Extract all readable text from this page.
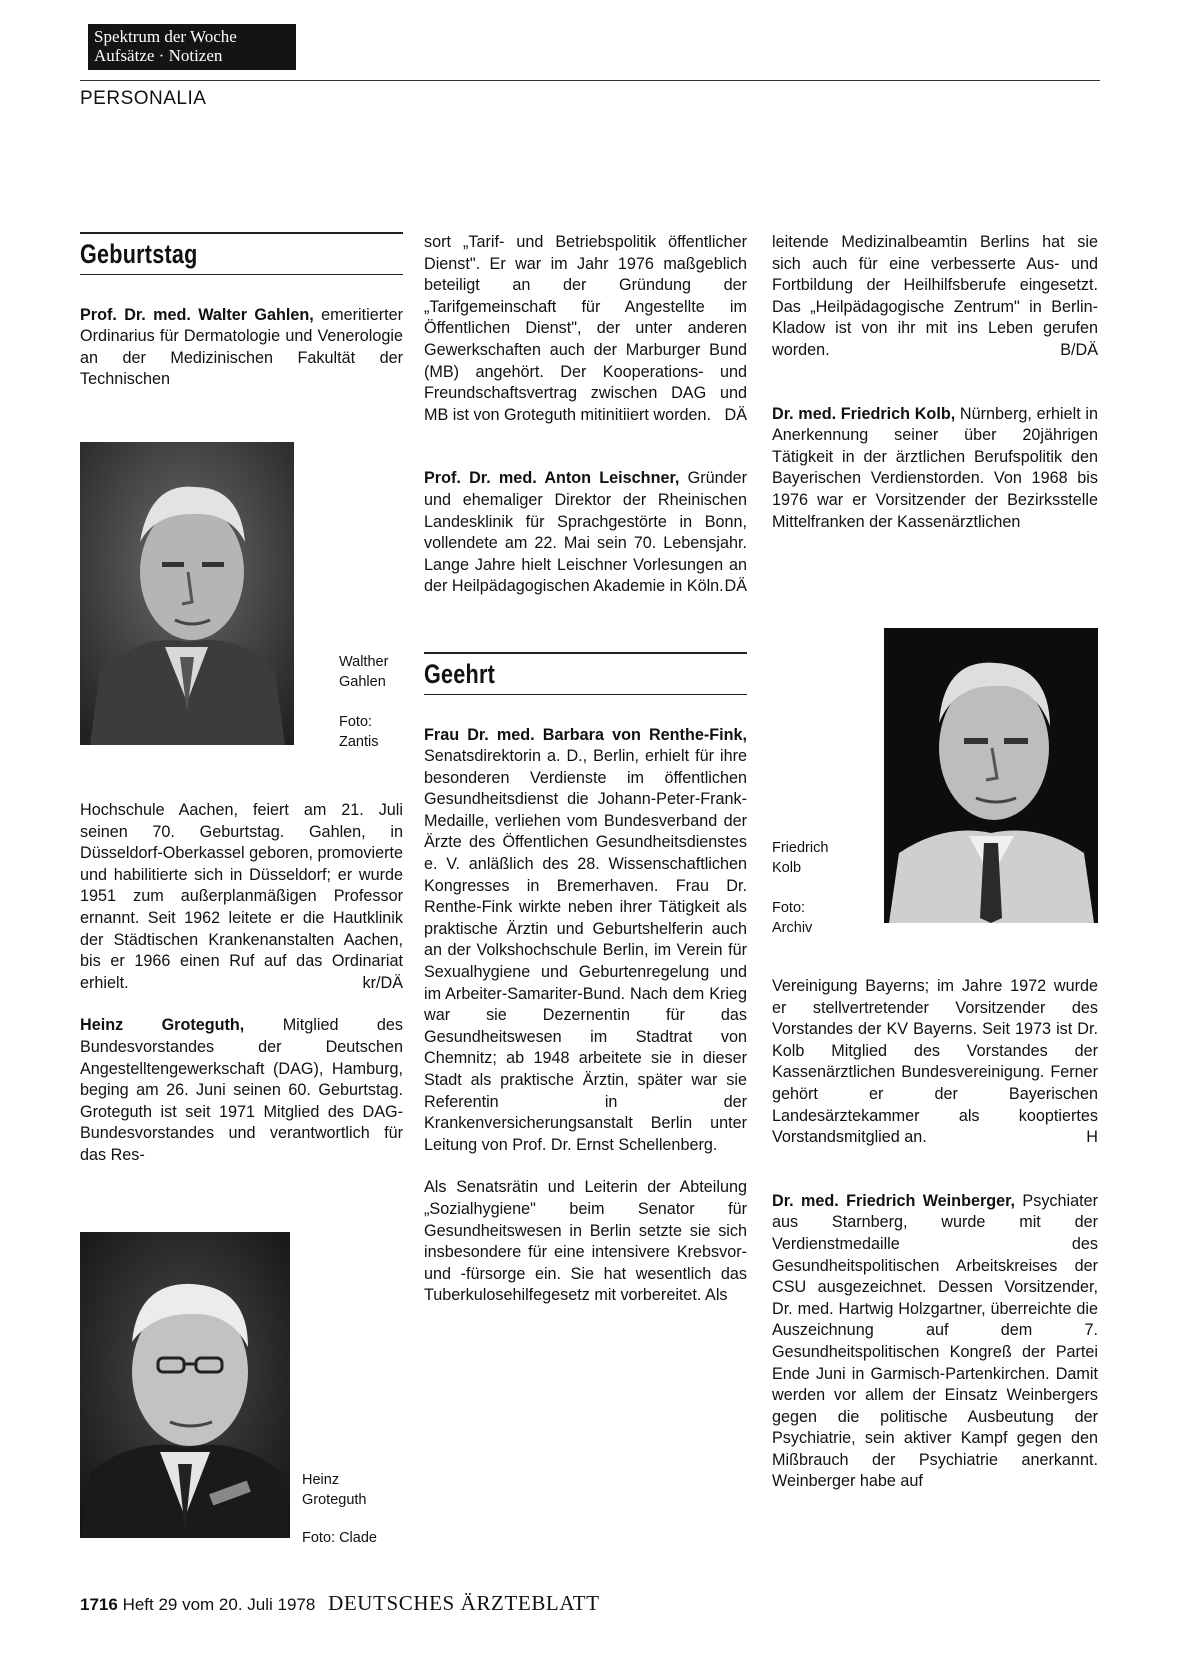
Spektrum der Woche
Aufsätze · Notizen
PERSONALIA
Geburtstag

Prof. Dr. med. Walter Gahlen, emeritierter Ordinarius für Dermatologie und Venerologie an der Medizinischen Fakultät der Technischen

Walther
Gahlen
Foto:
Zantis

Hochschule Aachen, feiert am 21. Juli seinen 70. Geburtstag. Gahlen, in Düsseldorf-Oberkassel geboren, promovierte und habilitierte sich in Düsseldorf; er wurde 1951 zum außerplanmäßigen Professor ernannt. Seit 1962 leitete er die Hautklinik der Städtischen Krankenanstalten Aachen, bis er 1966 einen Ruf auf das Ordinariat erhielt.	kr/DÄ

Heinz Groteguth, Mitglied des Bundesvorstandes der Deutschen Angestelltengewerkschaft (DAG), Hamburg, beging am 26. Juni seinen 60. Geburtstag. Groteguth ist seit 1971 Mitglied des DAG-Bundesvorstandes und verantwortlich für das Res-

Heinz
Groteguth
Foto: Clade

sort „Tarif- und Betriebspolitik öffentlicher Dienst". Er war im Jahr 1976 maßgeblich beteiligt an der Gründung der „Tarifgemeinschaft für Angestellte im Öffentlichen Dienst", der unter anderen Gewerkschaften auch der Marburger Bund (MB) angehört. Der Kooperations- und Freundschaftsvertrag zwischen DAG und MB ist von Groteguth mitinitiiert worden. DÄ

Prof. Dr. med. Anton Leischner, Gründer und ehemaliger Direktor der Rheinischen Landesklinik für Sprachgestörte in Bonn, vollendete am 22. Mai sein 70. Lebensjahr. Lange Jahre hielt Leischner Vorlesungen an der Heilpädagogischen Akademie in Köln. DÄ

Geehrt

Frau Dr. med. Barbara von Renthe-Fink, Senatsdirektorin a. D., Berlin, erhielt für ihre besonderen Verdienste im öffentlichen Gesundheitsdienst die Johann-Peter-Frank-Medaille, verliehen vom Bundesverband der Ärzte des Öffentlichen Gesundheitsdienstes e. V. anläßlich des 28. Wissenschaftlichen Kongresses in Bremerhaven. Frau Dr. Renthe-Fink wirkte neben ihrer Tätigkeit als praktische Ärztin und Geburtshelferin auch an der Volkshochschule Berlin, im Verein für Sexualhygiene und Geburtenregelung und im Arbeiter-Samariter-Bund. Nach dem Krieg war sie Dezernentin für das Gesundheitswesen im Stadtrat von Chemnitz; ab 1948 arbeitete sie in dieser Stadt als praktische Ärztin, später war sie Referentin in der Krankenversicherungsanstalt Berlin unter Leitung von Prof. Dr. Ernst Schellenberg.

Als Senatsrätin und Leiterin der Abteilung „Sozialhygiene" beim Senator für Gesundheitswesen in Berlin setzte sie sich insbesondere für eine intensivere Krebsvor- und -fürsorge ein. Sie hat wesentlich das Tuberkulosehilfegesetz mit vorbereitet. Als

leitende Medizinalbeamtin Berlins hat sie sich auch für eine verbesserte Aus- und Fortbildung der Heilhilfsberufe eingesetzt. Das „Heilpädagogische Zentrum" in Berlin-Kladow ist von ihr mit ins Leben gerufen worden.	B/DÄ

Dr. med. Friedrich Kolb, Nürnberg, erhielt in Anerkennung seiner über 20jährigen Tätigkeit in der ärztlichen Berufspolitik den Bayerischen Verdienstorden. Von 1968 bis 1976 war er Vorsitzender der Bezirksstelle Mittelfranken der Kassenärztlichen

Friedrich
Kolb
Foto:
Archiv

Vereinigung Bayerns; im Jahre 1972 wurde er stellvertretender Vorsitzender des Vorstandes der KV Bayerns. Seit 1973 ist Dr. Kolb Mitglied des Vorstandes der Kassenärztlichen Bundesvereinigung. Ferner gehört er der Bayerischen Landesärztekammer als kooptiertes Vorstandsmitglied an.	H

Dr. med. Friedrich Weinberger, Psychiater aus Starnberg, wurde mit der Verdienstmedaille des Gesundheitspolitischen Arbeitskreises der CSU ausgezeichnet. Dessen Vorsitzender, Dr. med. Hartwig Holzgartner, überreichte die Auszeichnung auf dem 7. Gesundheitspolitischen Kongreß der Partei Ende Juni in Garmisch-Partenkirchen. Damit werden vor allem der Einsatz Weinbergers gegen die politische Ausbeutung der Psychiatrie, sein aktiver Kampf gegen den Mißbrauch der Psychiatrie anerkannt. Weinberger habe auf

1716 Heft 29 vom 20. Juli 1978 DEUTSCHES ÄRZTEBLATT
